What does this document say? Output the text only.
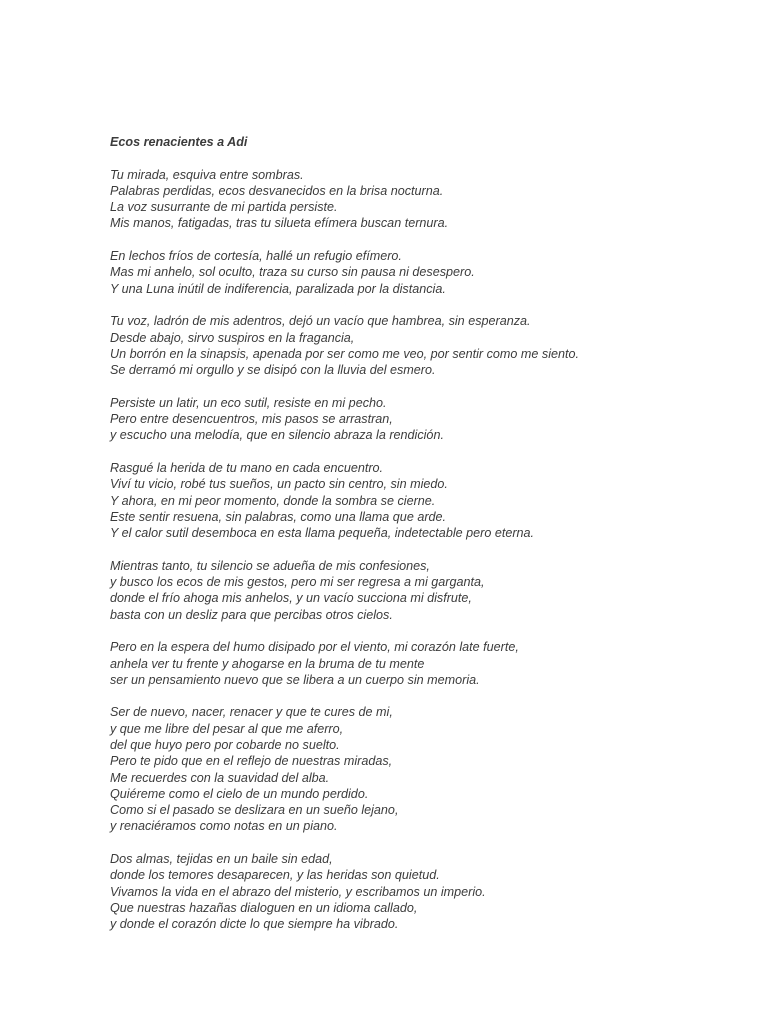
Ecos renacientes a Adi
Tu mirada, esquiva entre sombras.
Palabras perdidas, ecos desvanecidos en la brisa nocturna.
La voz susurrante de mi partida persiste.
Mis manos, fatigadas, tras tu silueta efímera buscan ternura.
En lechos fríos de cortesía, hallé un refugio efímero.
Mas mi anhelo, sol oculto, traza su curso sin pausa ni desespero.
Y una Luna inútil de indiferencia, paralizada por la distancia.
Tu voz, ladrón de mis adentros, dejó un vacío que hambrea, sin esperanza.
Desde abajo, sirvo suspiros en la fragancia,
Un borrón en la sinapsis, apenada por ser como me veo, por sentir como me siento.
Se derramó mi orgullo y se disipó con la lluvia del esmero.
Persiste un latir, un eco sutil, resiste en mi pecho.
Pero entre desencuentros, mis pasos se arrastran,
y escucho una melodía, que en silencio abraza la rendición.
Rasgué la herida de tu mano en cada encuentro.
Viví tu vicio, robé tus sueños, un pacto sin centro, sin miedo.
Y ahora, en mi peor momento, donde la sombra se cierne.
Este sentir resuena, sin palabras, como una llama que arde.
Y el calor sutil desemboca en esta llama pequeña, indetectable pero eterna.
Mientras tanto, tu silencio se adueña de mis confesiones,
y busco los ecos de mis gestos, pero mi ser regresa a mi garganta,
donde el frío ahoga mis anhelos, y un vacío succiona mi disfrute,
basta con un desliz para que percibas otros cielos.
Pero en la espera del humo disipado por el viento, mi corazón late fuerte,
anhela ver tu frente y ahogarse en la bruma de tu mente
ser un pensamiento nuevo que se libera a un cuerpo sin memoria.
Ser de nuevo, nacer, renacer y que te cures de mi,
y que me libre del pesar al que me aferro,
del que huyo pero por cobarde no suelto.
Pero te pido que en el reflejo de nuestras miradas,
Me recuerdes con la suavidad del alba.
Quiéreme como el cielo de un mundo perdido.
Como si el pasado se deslizara en un sueño lejano,
y renaciéramos como notas en un piano.
Dos almas, tejidas en un baile sin edad,
donde los temores desaparecen, y las heridas son quietud.
Vivamos la vida en el abrazo del misterio, y escribamos un imperio.
Que nuestras hazañas dialoguen en un idioma callado,
y donde el corazón dicte lo que siempre ha vibrado.
